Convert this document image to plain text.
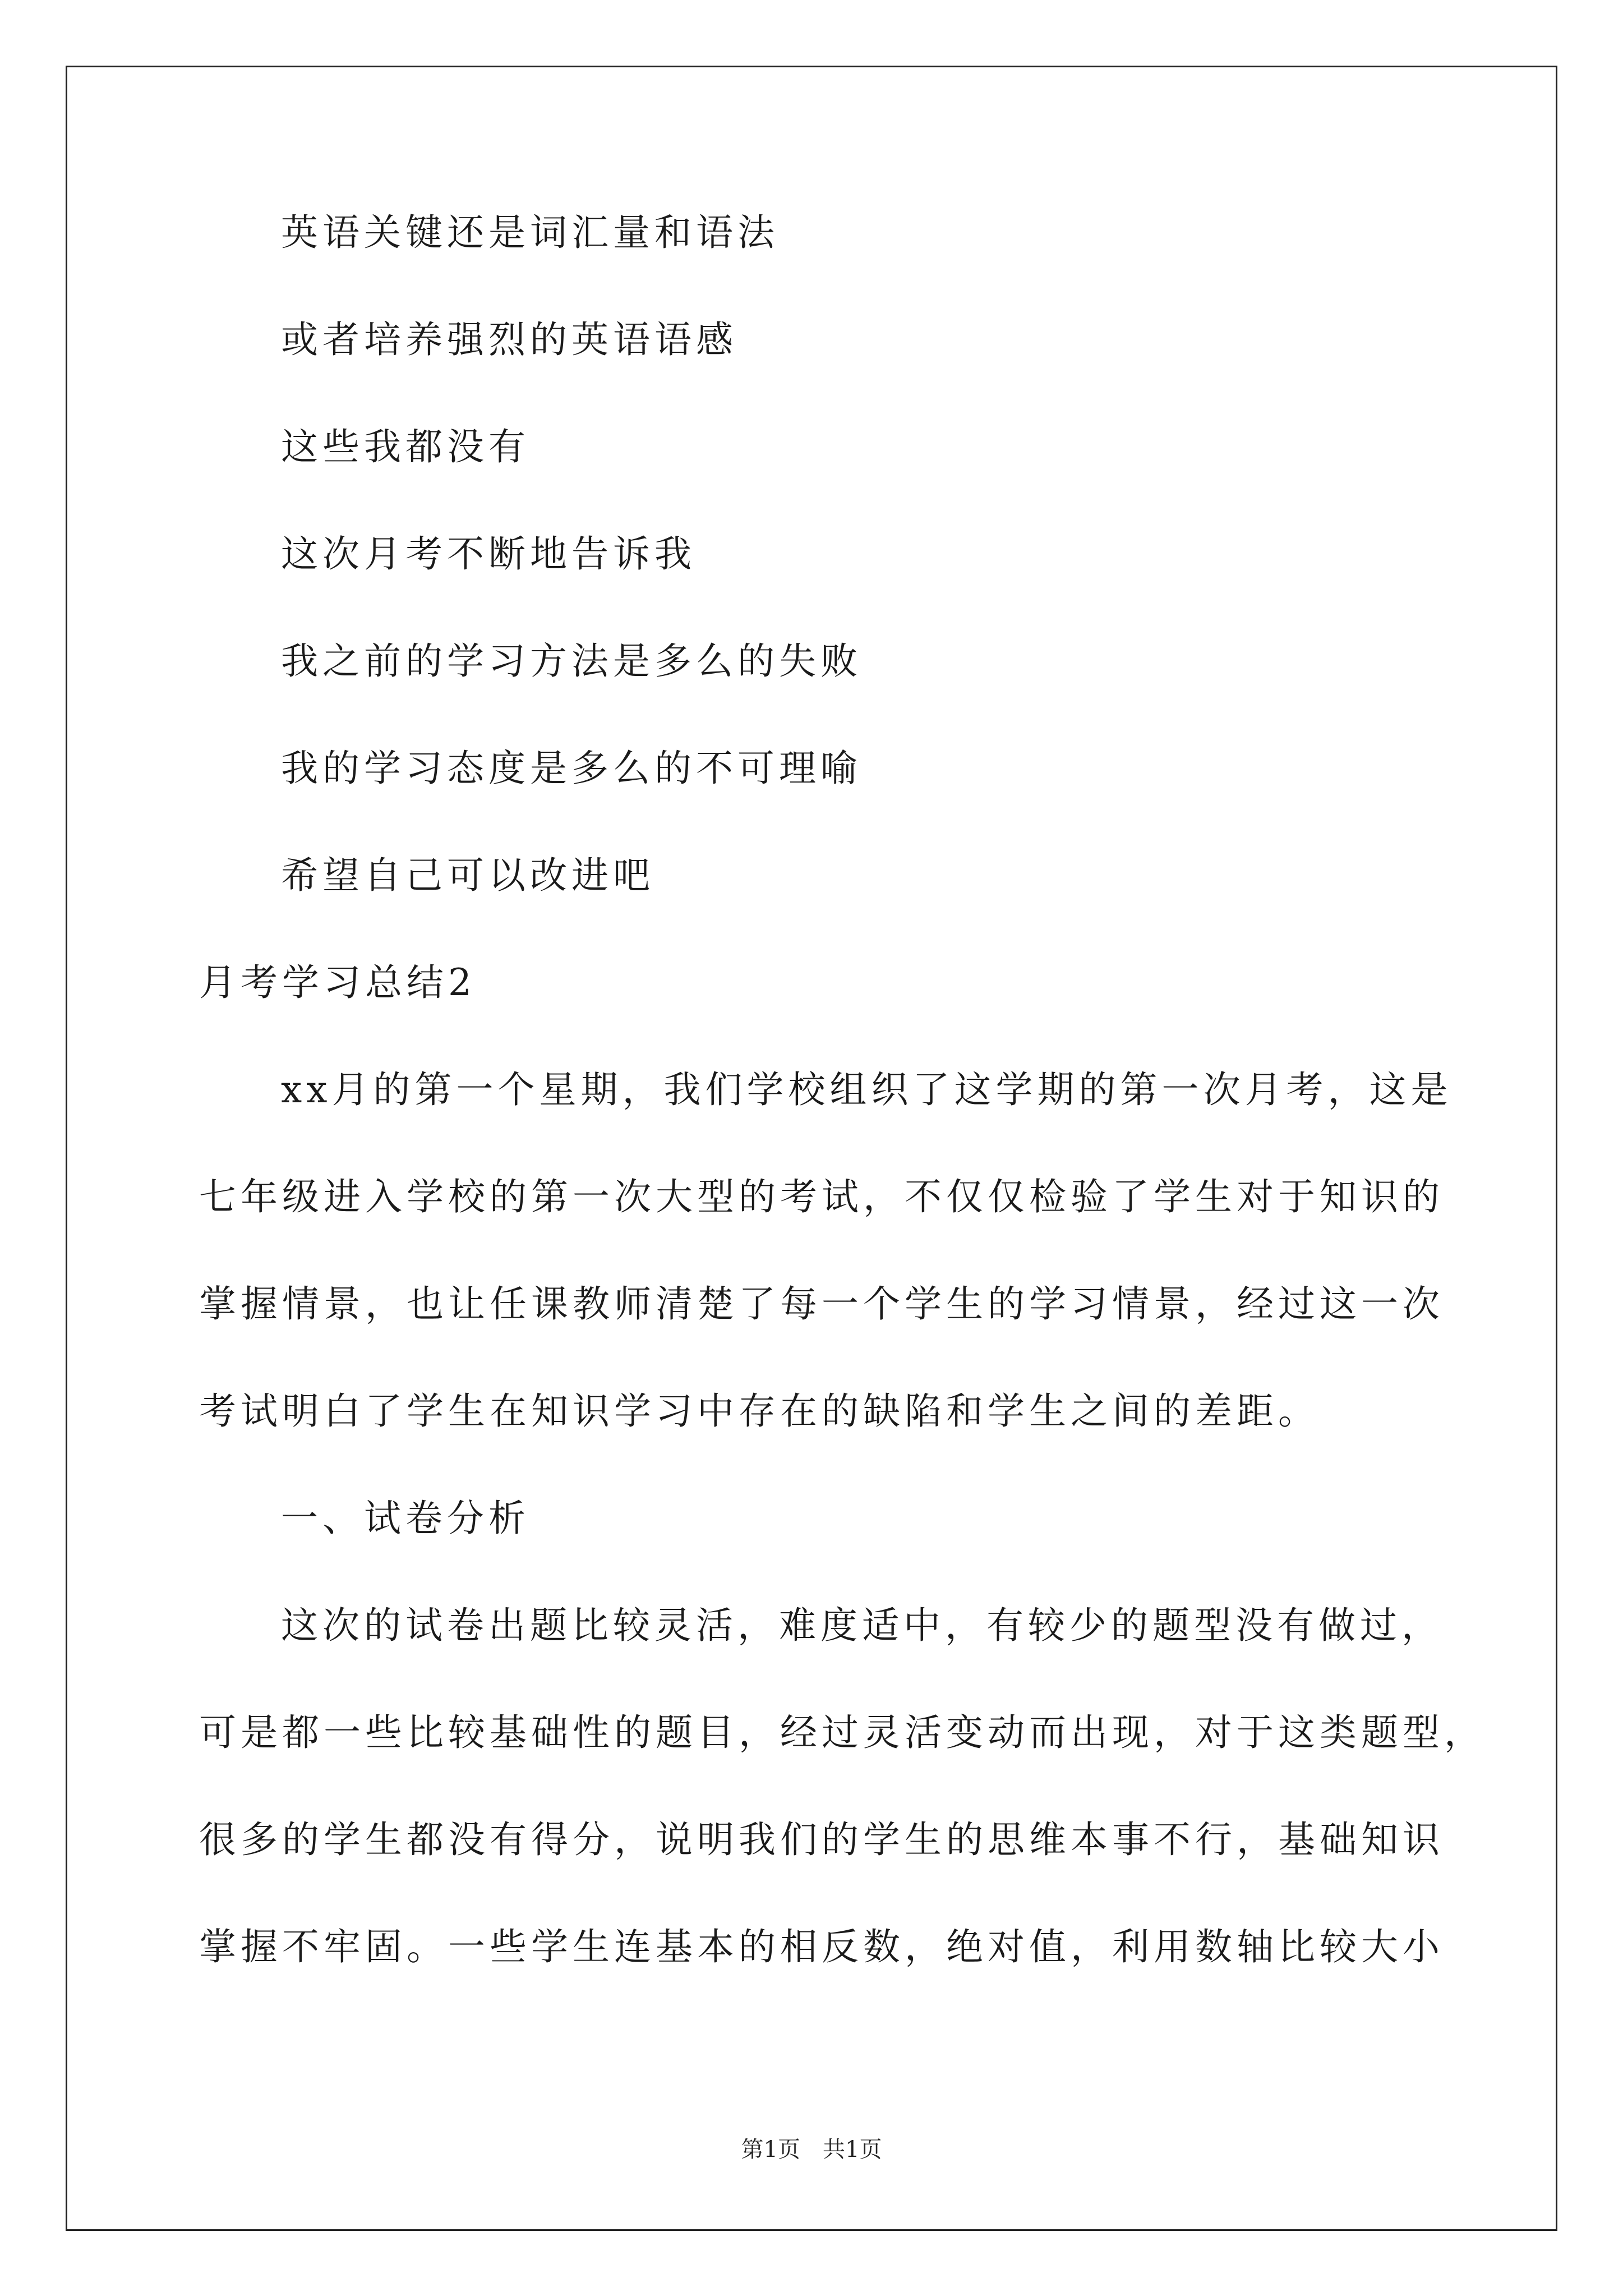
英语关键还是词汇量和语法
或者培养强烈的英语语感
这些我都没有
这次月考不断地告诉我
我之前的学习方法是多么的失败
我的学习态度是多么的不可理喻
希望自己可以改进吧
月考学习总结2
xx月的第一个星期，我们学校组织了这学期的第一次月考，这是
七年级进入学校的第一次大型的考试，不仅仅检验了学生对于知识的
掌握情景，也让任课教师清楚了每一个学生的学习情景，经过这一次
考试明白了学生在知识学习中存在的缺陷和学生之间的差距。
一、试卷分析
这次的试卷出题比较灵活，难度适中，有较少的题型没有做过，
可是都一些比较基础性的题目，经过灵活变动而出现，对于这类题型，
很多的学生都没有得分，说明我们的学生的思维本事不行，基础知识
掌握不牢固。一些学生连基本的相反数，绝对值，利用数轴比较大小
第1页 共1页
